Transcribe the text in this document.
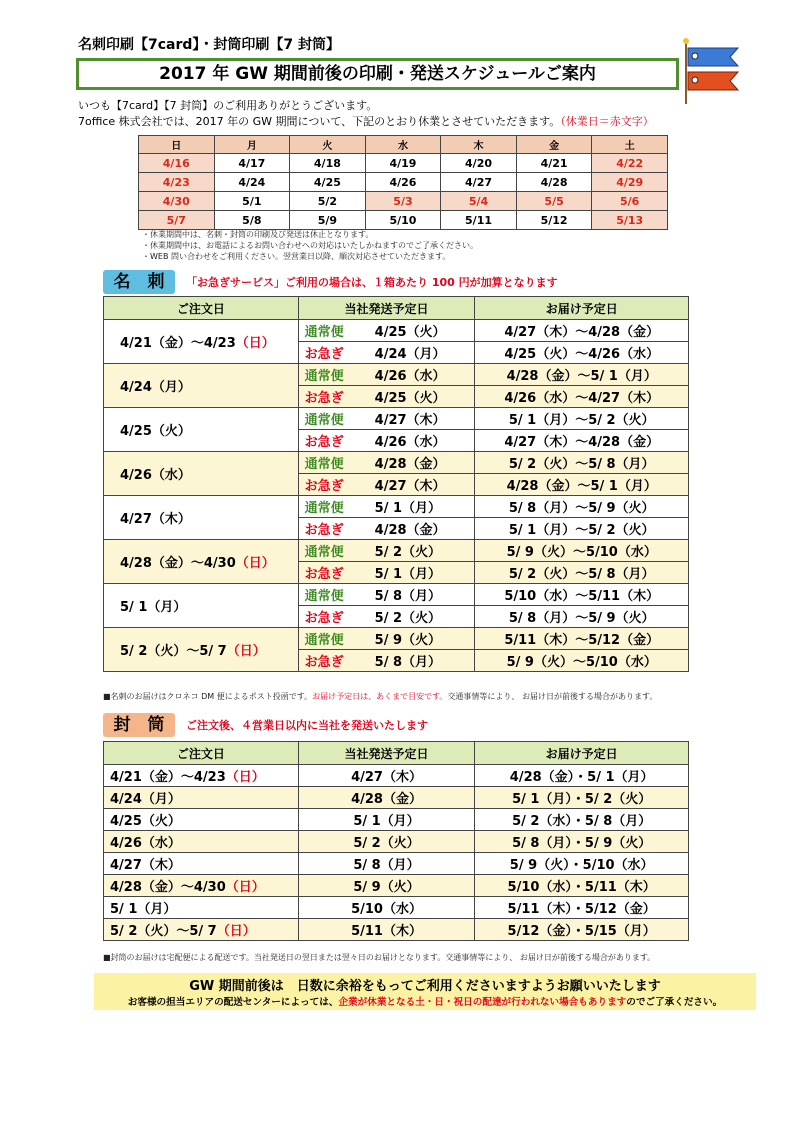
名刺印刷【7card】・封筒印刷【7 封筒】
2017 年 GW 期間前後の印刷・発送スケジュールご案内
いつも【7card】【7 封筒】のご利用ありがとうございます。
7office 株式会社では、2017 年の GW 期間について、下記のとおり休業とさせていただきます。（休業日＝赤文字）
日	月	火	水	木	金	土
4/16	4/17	4/18	4/19	4/20	4/21	4/22
4/23	4/24	4/25	4/26	4/27	4/28	4/29
4/30	5/1	5/2	5/3	5/4	5/5	5/6
5/7	5/8	5/9	5/10	5/11	5/12	5/13
・休業期間中は、名刺・封筒の印刷及び発送は休止となります。
・休業期間中は、お電話によるお問い合わせへの対応はいたしかねますのでご了承ください。
・WEB 問い合わせをご利用ください。翌営業日以降、順次対応させていただきます。
名　刺	「お急ぎサービス」ご利用の場合は、１箱あたり 100 円が加算となります
ご注文日	当社発送予定日	お届け予定日
4/21（金）～4/23（日）	通常便 4/25（火）	4/27（木）～4/28（金）
	お急ぎ 4/24（月）	4/25（火）～4/26（水）
4/24（月）	通常便 4/26（水）	4/28（金）～5/ 1（月）
	お急ぎ 4/25（火）	4/26（水）～4/27（木）
4/25（火）	通常便 4/27（木）	5/ 1（月）～5/ 2（火）
	お急ぎ 4/26（水）	4/27（木）～4/28（金）
4/26（水）	通常便 4/28（金）	5/ 2（火）～5/ 8（月）
	お急ぎ 4/27（木）	4/28（金）～5/ 1（月）
4/27（木）	通常便 5/ 1（月）	5/ 8（月）～5/ 9（火）
	お急ぎ 4/28（金）	5/ 1（月）～5/ 2（火）
4/28（金）～4/30（日）	通常便 5/ 2（火）	5/ 9（火）～5/10（水）
	お急ぎ 5/ 1（月）	5/ 2（火）～5/ 8（月）
5/ 1（月）	通常便 5/ 8（月）	5/10（水）～5/11（木）
	お急ぎ 5/ 2（火）	5/ 8（月）～5/ 9（火）
5/ 2（火）～5/ 7（日）	通常便 5/ 9（火）	5/11（木）～5/12（金）
	お急ぎ 5/ 8（月）	5/ 9（火）～5/10（水）
■名刺のお届けはクロネコ DM 便によるポスト投函です。お届け予定日は、あくまで目安です。交通事情等により、 お届け日が前後する場合があります。
封　筒	ご注文後、４営業日以内に当社を発送いたします
ご注文日	当社発送予定日	お届け予定日
4/21（金）～4/23（日）	4/27（木）	4/28（金）・5/ 1（月）
4/24（月）	4/28（金）	5/ 1（月）・5/ 2（火）
4/25（火）	5/ 1（月）	5/ 2（水）・5/ 8（月）
4/26（水）	5/ 2（火）	5/ 8（月）・5/ 9（火）
4/27（木）	5/ 8（月）	5/ 9（火）・5/10（水）
4/28（金）～4/30（日）	5/ 9（火）	5/10（水）・5/11（木）
5/ 1（月）	5/10（水）	5/11（木）・5/12（金）
5/ 2（火）～5/ 7（日）	5/11（木）	5/12（金）・5/15（月）
■封筒のお届けは宅配便による配送です。当社発送日の翌日または翌々日のお届けとなります。交通事情等により、 お届け日が前後する場合があります。
GW 期間前後は　日数に余裕をもってご利用くださいますようお願いいたします
お客様の担当エリアの配送センターによっては、企業が休業となる土・日・祝日の配達が行われない場合もありますのでご了承ください。
